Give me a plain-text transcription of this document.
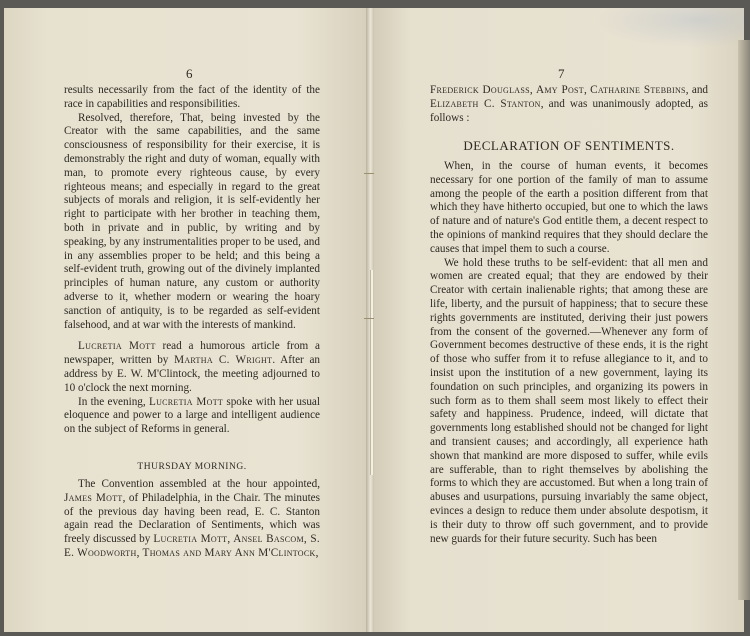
6

results necessarily from the fact of the identity of the race in capabilities and responsibilities.

Resolved, therefore, That, being invested by the Creator with the same capabilities, and the same consciousness of responsibility for their exercise, it is demonstrably the right and duty of woman, equally with man, to promote every righteous cause, by every righteous means; and especially in regard to the great subjects of morals and religion, it is self-evidently her right to participate with her brother in teaching them, both in private and in public, by writing and by speaking, by any instrumentalities proper to be used, and in any assemblies proper to be held; and this being a self-evident truth, growing out of the divinely implanted principles of human nature, any custom or authority adverse to it, whether modern or wearing the hoary sanction of antiquity, is to be regarded as self-evident falsehood, and at war with the interests of mankind.

Lucretia Mott read a humorous article from a newspaper, written by Martha C. Wright. After an address by E. W. M'Clintock, the meeting adjourned to 10 o'clock the next morning.

In the evening, Lucretia Mott spoke with her usual eloquence and power to a large and intelligent audience on the subject of Reforms in general.

THURSDAY MORNING.

The Convention assembled at the hour appointed, James Mott, of Philadelphia, in the Chair. The minutes of the previous day having been read, E. C. Stanton again read the Declaration of Sentiments, which was freely discussed by Lucretia Mott, Ansel Bascom, S. E. Woodworth, Thomas and Mary Ann M'Clintock,

7

Frederick Douglass, Amy Post, Catharine Stebbins, and Elizabeth C. Stanton, and was unanimously adopted, as follows :

DECLARATION OF SENTIMENTS.

When, in the course of human events, it becomes necessary for one portion of the family of man to assume among the people of the earth a position different from that which they have hitherto occupied, but one to which the laws of nature and of nature's God entitle them, a decent respect to the opinions of mankind requires that they should declare the causes that impel them to such a course.

We hold these truths to be self-evident: that all men and women are created equal; that they are endowed by their Creator with certain inalienable rights; that among these are life, liberty, and the pursuit of happiness; that to secure these rights governments are instituted, deriving their just powers from the consent of the governed.—Whenever any form of Government becomes destructive of these ends, it is the right of those who suffer from it to refuse allegiance to it, and to insist upon the institution of a new government, laying its foundation on such principles, and organizing its powers in such form as to them shall seem most likely to effect their safety and happiness. Prudence, indeed, will dictate that governments long established should not be changed for light and transient causes; and accordingly, all experience hath shown that mankind are more disposed to suffer, while evils are sufferable, than to right themselves by abolishing the forms to which they are accustomed. But when a long train of abuses and usurpations, pursuing invariably the same object, evinces a design to reduce them under absolute despotism, it is their duty to throw off such government, and to provide new guards for their future security. Such has been
